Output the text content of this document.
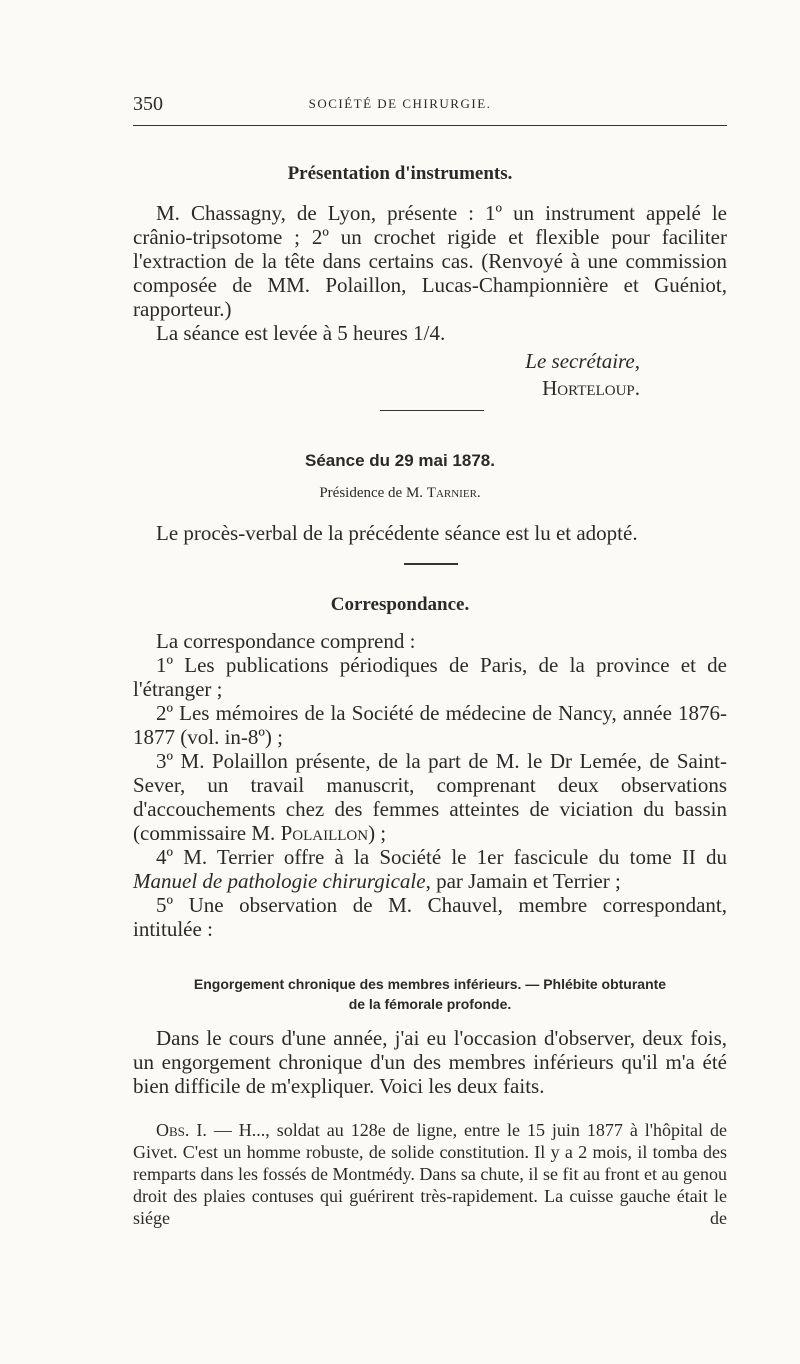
350	SOCIÉTÉ DE CHIRURGIE.
Présentation d'instruments.

M. Chassagny, de Lyon, présente : 1º un instrument appelé le crânio-tripsotome ; 2º un crochet rigide et flexible pour faciliter l'extraction de la tête dans certains cas. (Renvoyé à une commission composée de MM. Polaillon, Lucas-Championnière et Guéniot, rapporteur.)

La séance est levée à 5 heures 1/4.

Le secrétaire,
Horteloup.
Séance du 29 mai 1878.
Présidence de M. Tarnier.

Le procès-verbal de la précédente séance est lu et adopté.

Correspondance.

La correspondance comprend :

1º Les publications périodiques de Paris, de la province et de l'étranger ;

2º Les mémoires de la Société de médecine de Nancy, année 1876-1877 (vol. in-8º) ;

3º M. Polaillon présente, de la part de M. le Dr Lemée, de Saint-Sever, un travail manuscrit, comprenant deux observations d'accouchements chez des femmes atteintes de viciation du bassin (commissaire M. Polaillon) ;

4º M. Terrier offre à la Société le 1er fascicule du tome II du Manuel de pathologie chirurgicale, par Jamain et Terrier ;

5º Une observation de M. Chauvel, membre correspondant, intitulée :

Engorgement chronique des membres inférieurs. — Phlébite obturante
de la fémorale profonde.

Dans le cours d'une année, j'ai eu l'occasion d'observer, deux fois, un engorgement chronique d'un des membres inférieurs qu'il m'a été bien difficile de m'expliquer. Voici les deux faits.

Obs. I. — H..., soldat au 128e de ligne, entre le 15 juin 1877 à l'hôpital de Givet. C'est un homme robuste, de solide constitution. Il y a 2 mois, il tomba des remparts dans les fossés de Montmédy. Dans sa chute, il se fit au front et au genou droit des plaies contuses qui guérirent très-rapidement. La cuisse gauche était le siége de
